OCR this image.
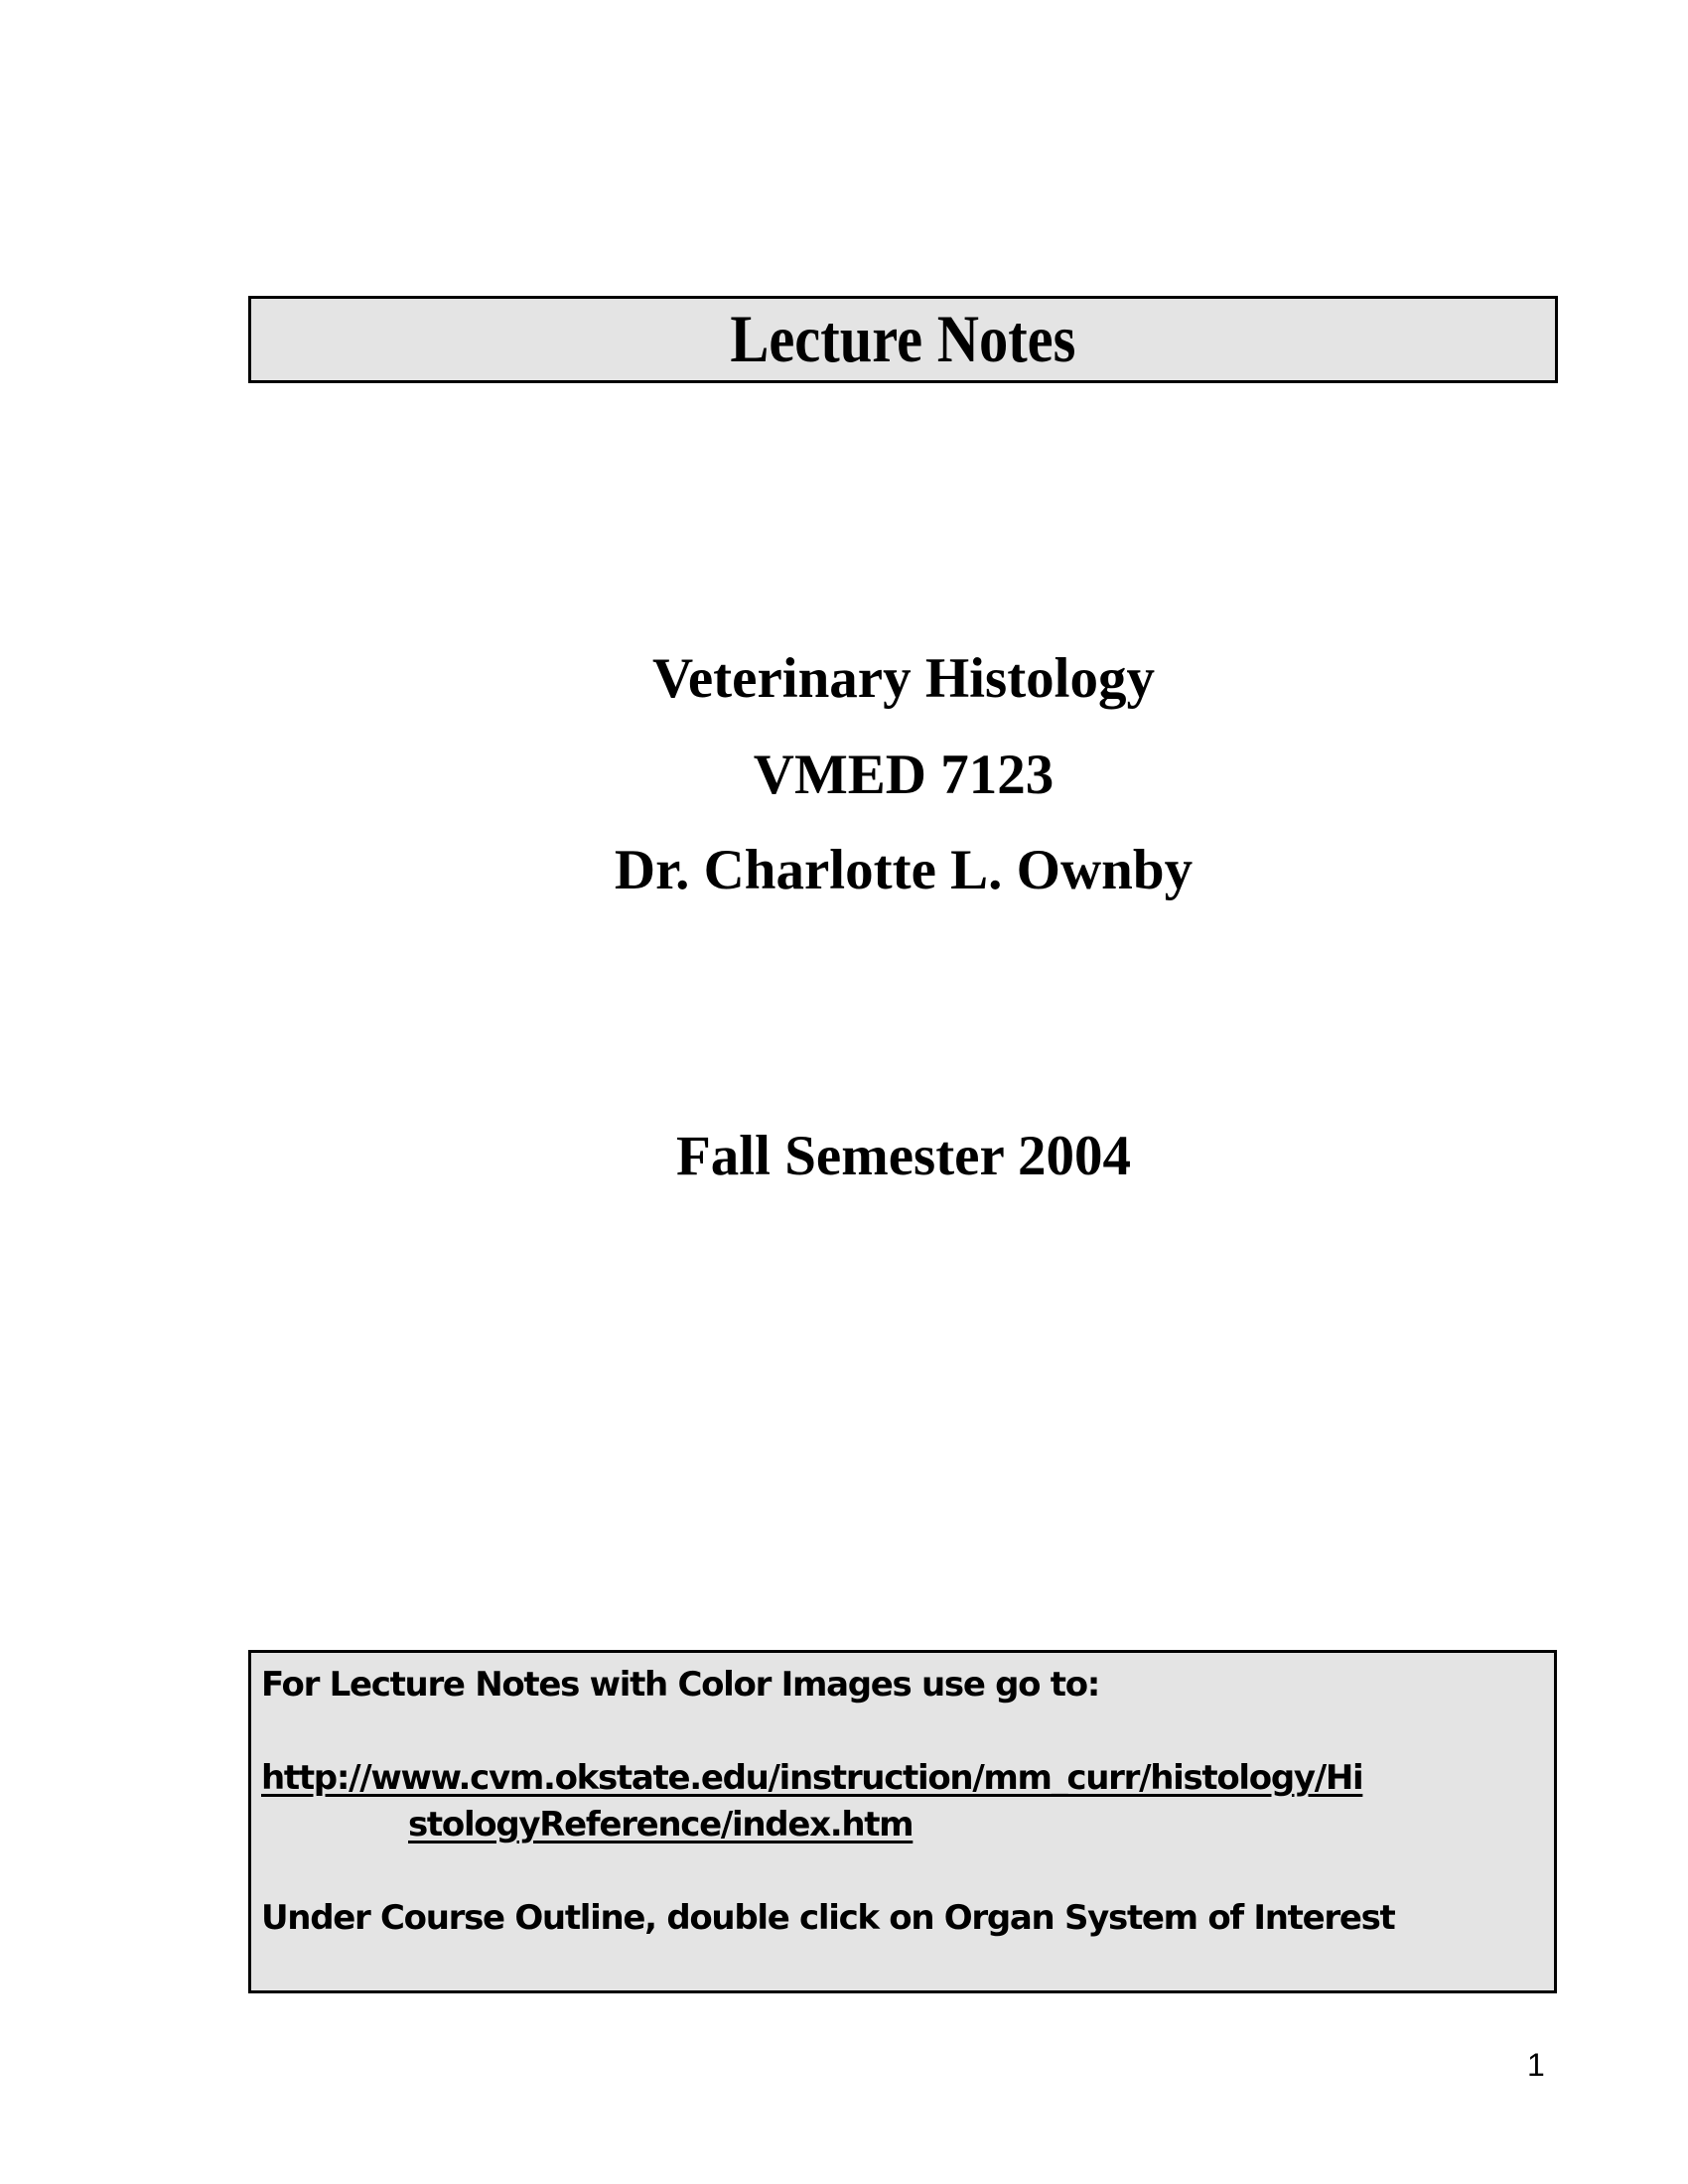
Lecture Notes
Veterinary Histology
VMED 7123
Dr. Charlotte L. Ownby
Fall Semester 2004
For Lecture Notes with Color Images use go to:
http://www.cvm.okstate.edu/instruction/mm_curr/histology/Hi
stologyReference/index.htm
Under Course Outline, double click on Organ System of Interest
1
